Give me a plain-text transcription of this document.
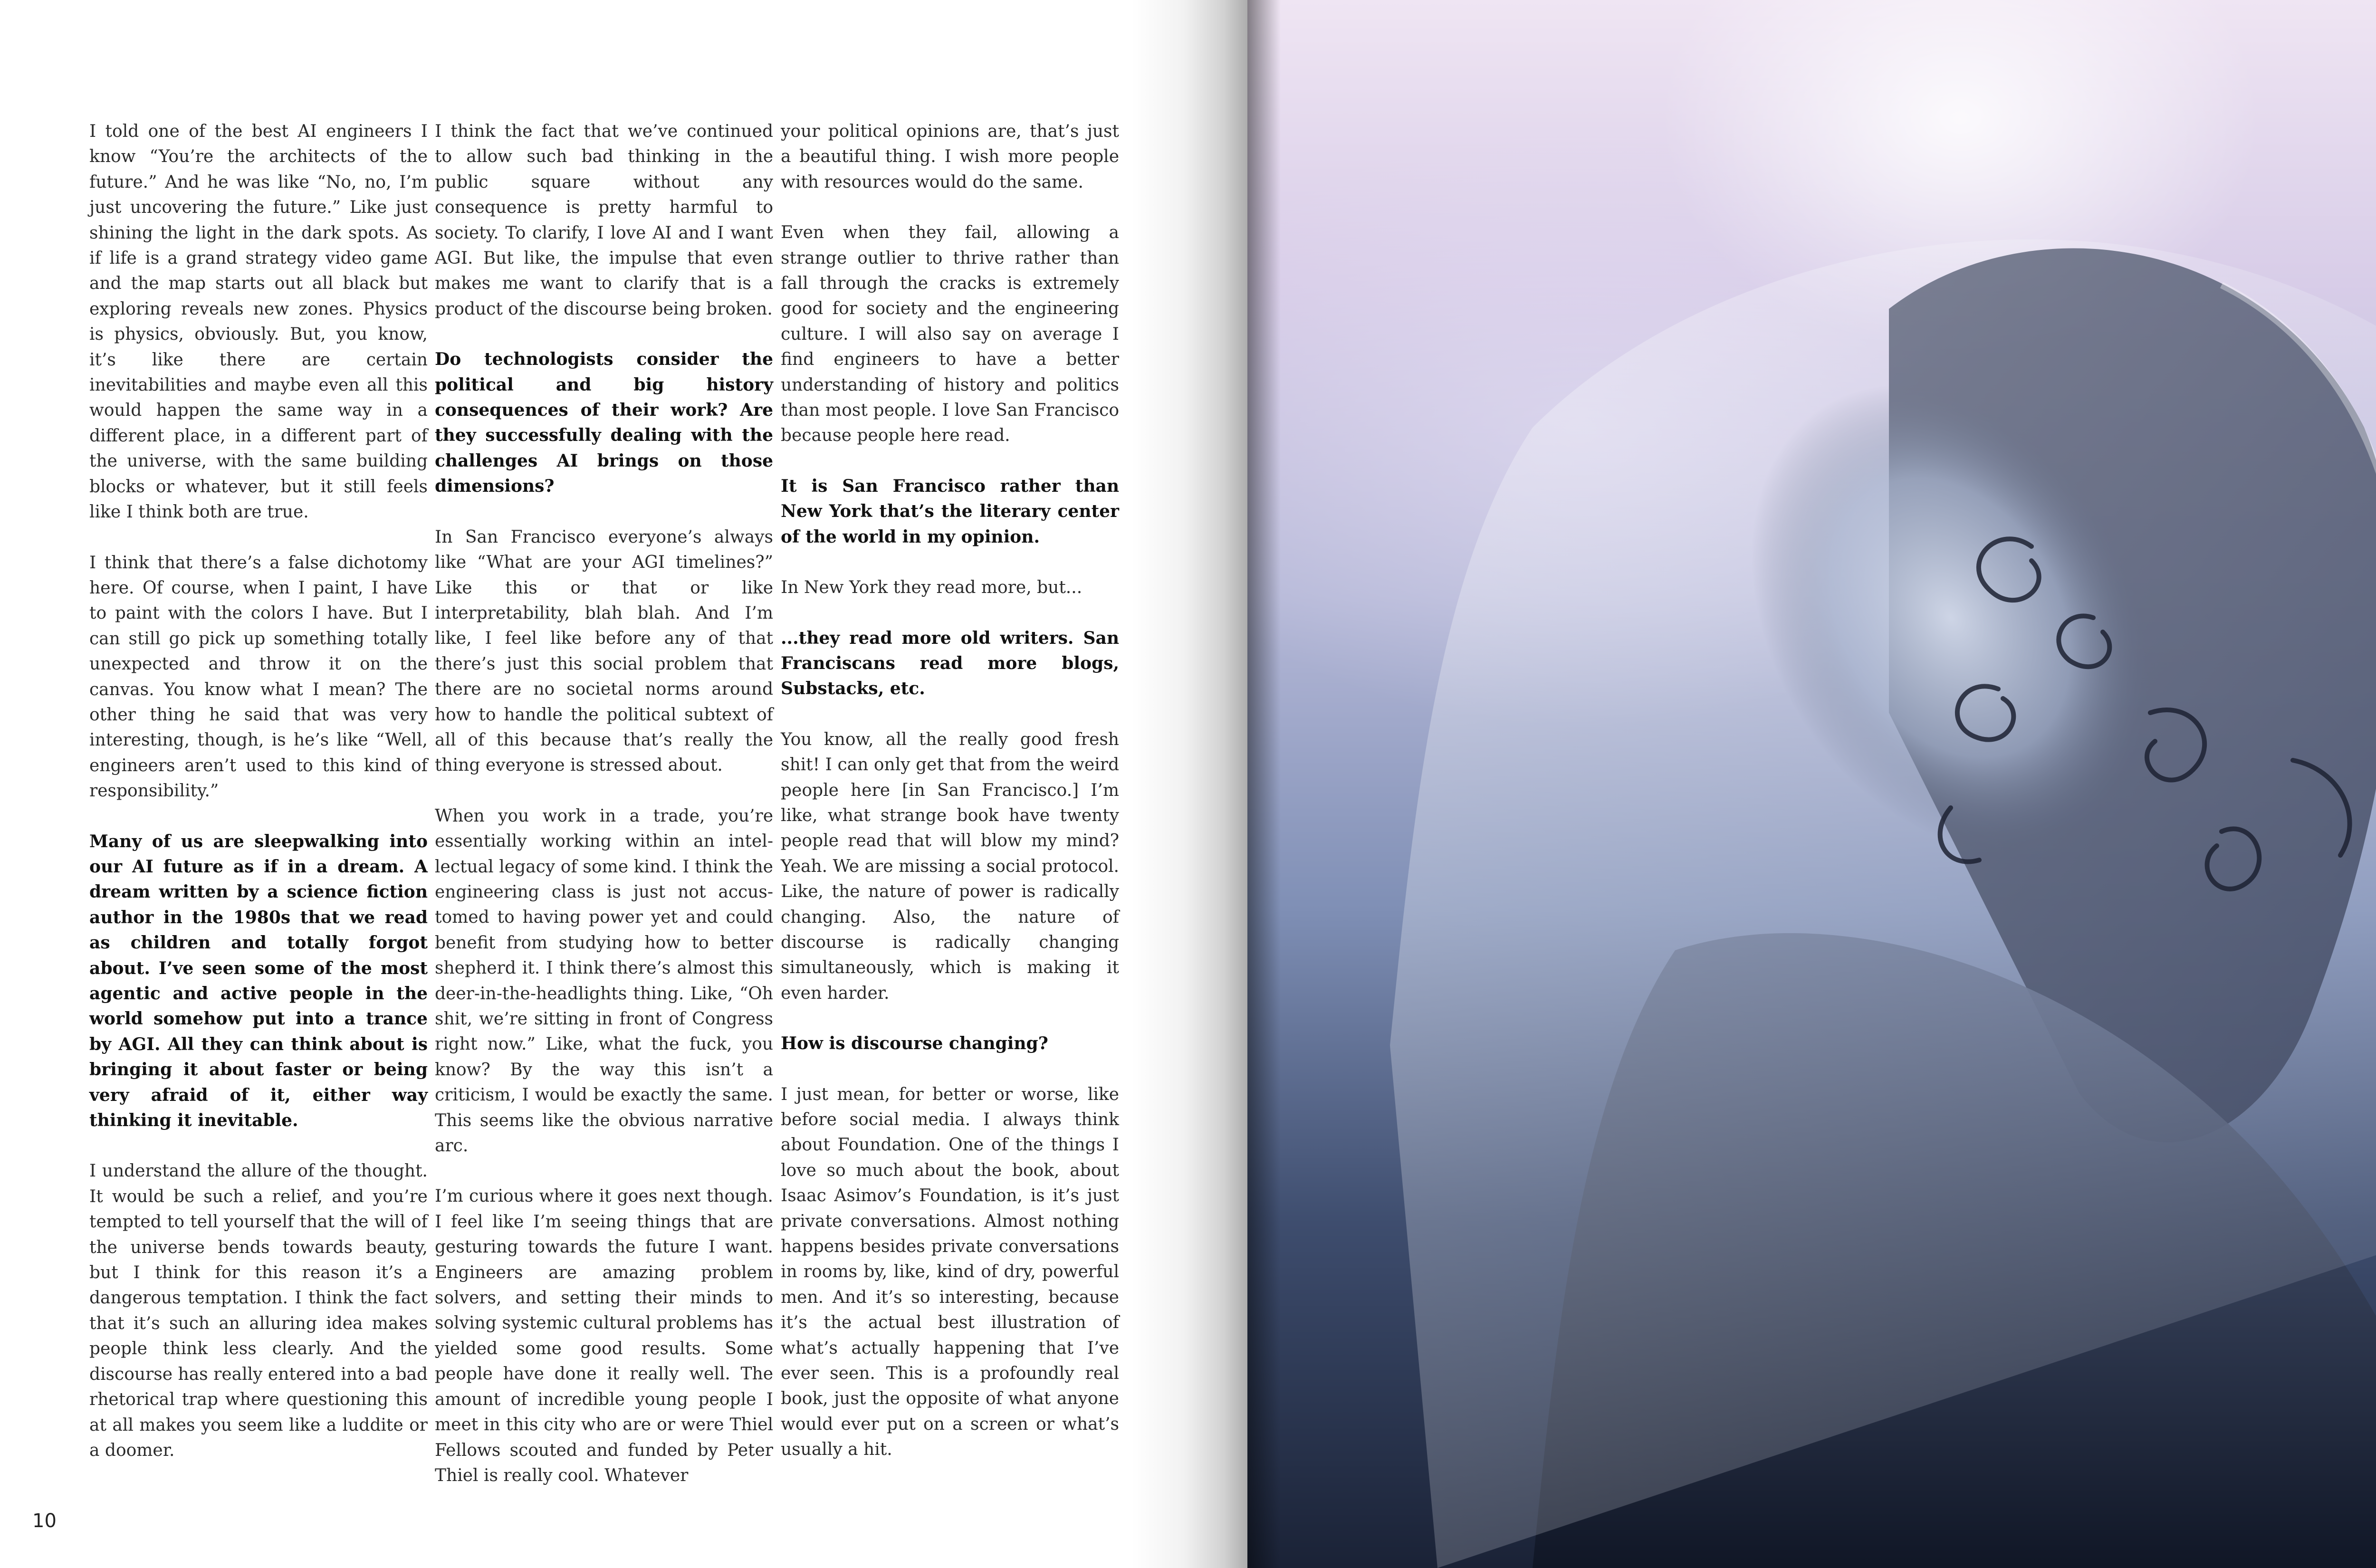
I told one of the best AI engineers I know “You’re the architects of the future.” And he was like “No, no, I’m just uncovering the future.” Like just shining the light in the dark spots. As if life is a grand strategy video game and the map starts out all black but exploring reveals new zones. Physics is physics, obviously. But, you know, it’s like there are certain inevitabilities and maybe even all this would happen the same way in a different place, in a different part of the universe, with the same building blocks or whatever, but it still feels like I think both are true.

I think that there’s a false dichotomy here. Of course, when I paint, I have to paint with the colors I have. But I can still go pick up something totally unexpected and throw it on the canvas. You know what I mean? The other thing he said that was very interesting, though, is he’s like “Well, engineers aren’t used to this kind of responsibility.”

Many of us are sleepwalking into our AI future as if in a dream. A dream written by a science fiction author in the 1980s that we read as children and totally forgot about. I’ve seen some of the most agentic and active people in the world somehow put into a trance by AGI. All they can think about is bringing it about faster or being very afraid of it, either way thinking it inevitable.

I understand the allure of the thought. It would be such a relief, and you’re tempted to tell yourself that the will of the universe bends towards beauty, but I think for this reason it’s a dangerous temptation. I think the fact that it’s such an alluring idea makes people think less clearly. And the discourse has really entered into a bad rhetorical trap where questioning this at all makes you seem like a luddite or a doomer.

I think the fact that we’ve continued to allow such bad thinking in the public square without any consequence is pretty harmful to society. To clarify, I love AI and I want AGI. But like, the impulse that even makes me want to clarify that is a product of the discourse being broken.

Do technologists consider the political and big history consequences of their work? Are they successfully dealing with the challenges AI brings on those dimensions?

In San Francisco everyone’s always like “What are your AGI timelines?” Like this or that or like interpretability, blah blah. And I’m like, I feel like before any of that there’s just this social problem that there are no societal norms around how to handle the political subtext of all of this because that’s really the thing everyone is stressed about.

When you work in a trade, you’re essentially working within an intellectual legacy of some kind. I think the engineering class is just not accustomed to having power yet and could benefit from studying how to better shepherd it. I think there’s almost this deer-in-the-headlights thing. Like, “Oh shit, we’re sitting in front of Congress right now.” Like, what the fuck, you know? By the way this isn’t a criticism, I would be exactly the same. This seems like the obvious narrative arc.

I’m curious where it goes next though. I feel like I’m seeing things that are gesturing towards the future I want. Engineers are amazing problem solvers, and setting their minds to solving systemic cultural problems has yielded some good results. Some people have done it really well. The amount of incredible young people I meet in this city who are or were Thiel Fellows scouted and funded by Peter Thiel is really cool. Whatever

your political opinions are, that’s just a beautiful thing. I wish more people with resources would do the same.

Even when they fail, allowing a strange outlier to thrive rather than fall through the cracks is extremely good for society and the engineering culture. I will also say on average I find engineers to have a better understanding of history and politics than most people. I love San Francisco because people here read.

It is San Francisco rather than New York that’s the literary center of the world in my opinion.

In New York they read more, but...

...they read more old writers. San Franciscans read more blogs, Substacks, etc.

You know, all the really good fresh shit! I can only get that from the weird people here [in San Francisco.] I’m like, what strange book have twenty people read that will blow my mind? Yeah. We are missing a social protocol. Like, the nature of power is radically changing. Also, the nature of discourse is radically changing simultaneously, which is making it even harder.

How is discourse changing?

I just mean, for better or worse, like before social media. I always think about Foundation. One of the things I love so much about the book, about Isaac Asimov’s Foundation, is it’s just private conversations. Almost nothing happens besides private conversations in rooms by, like, kind of dry, powerful men. And it’s so interesting, because it’s the actual best illustration of what’s actually happening that I’ve ever seen. This is a profoundly real book, just the opposite of what anyone would ever put on a screen or what’s usually a hit.

10
